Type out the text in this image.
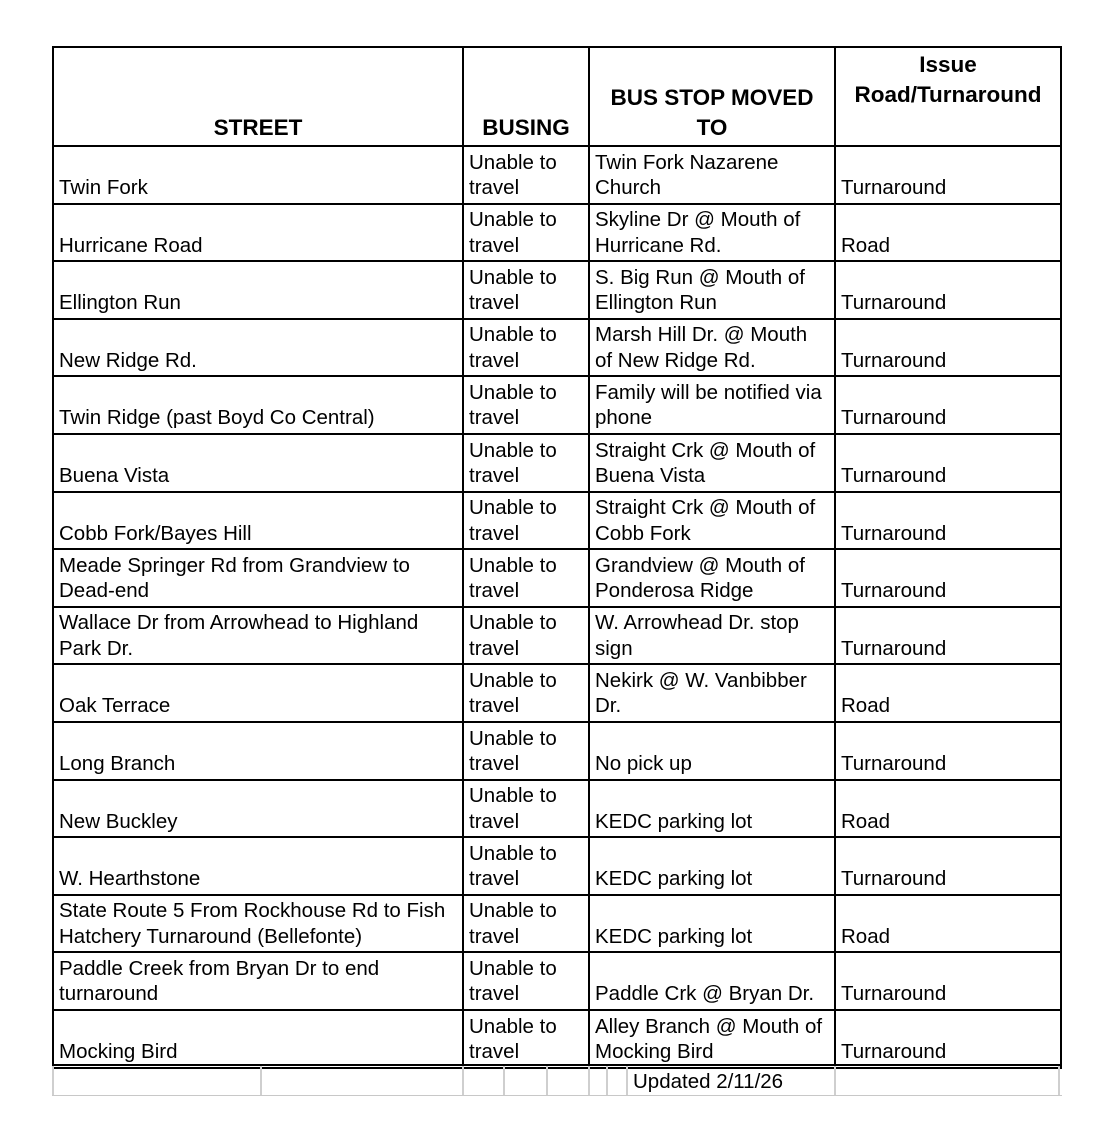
STREET	BUSING	BUS STOP MOVED TO	Issue
Road/Turnaround

Twin Fork	Unable to travel	Twin Fork Nazarene Church	Turnaround
Hurricane Road	Unable to travel	Skyline Dr @ Mouth of Hurricane Rd.	Road
Ellington Run	Unable to travel	S. Big Run @ Mouth of Ellington Run	Turnaround
New Ridge Rd.	Unable to travel	Marsh Hill Dr. @ Mouth of New Ridge Rd.	Turnaround
Twin Ridge (past Boyd Co Central)	Unable to travel	Family will be notified via phone	Turnaround
Buena Vista	Unable to travel	Straight Crk @ Mouth of Buena Vista	Turnaround
Cobb Fork/Bayes Hill	Unable to travel	Straight Crk @ Mouth of Cobb Fork	Turnaround
Meade Springer Rd from Grandview to Dead-end	Unable to travel	Grandview @ Mouth of Ponderosa Ridge	Turnaround
Wallace Dr from Arrowhead to Highland Park Dr.	Unable to travel	W. Arrowhead Dr. stop sign	Turnaround
Oak Terrace	Unable to travel	Nekirk @ W. Vanbibber Dr.	Road
Long Branch	Unable to travel	No pick up	Turnaround
New Buckley	Unable to travel	KEDC parking lot	Road
W. Hearthstone	Unable to travel	KEDC parking lot	Turnaround
State Route 5 From Rockhouse Rd to Fish Hatchery Turnaround (Bellefonte)	Unable to travel	KEDC parking lot	Road
Paddle Creek from Bryan Dr to end turnaround	Unable to travel	Paddle Crk @ Bryan Dr.	Turnaround
Mocking Bird	Unable to travel	Alley Branch @ Mouth of Mocking Bird	Turnaround
Updated 2/11/26
